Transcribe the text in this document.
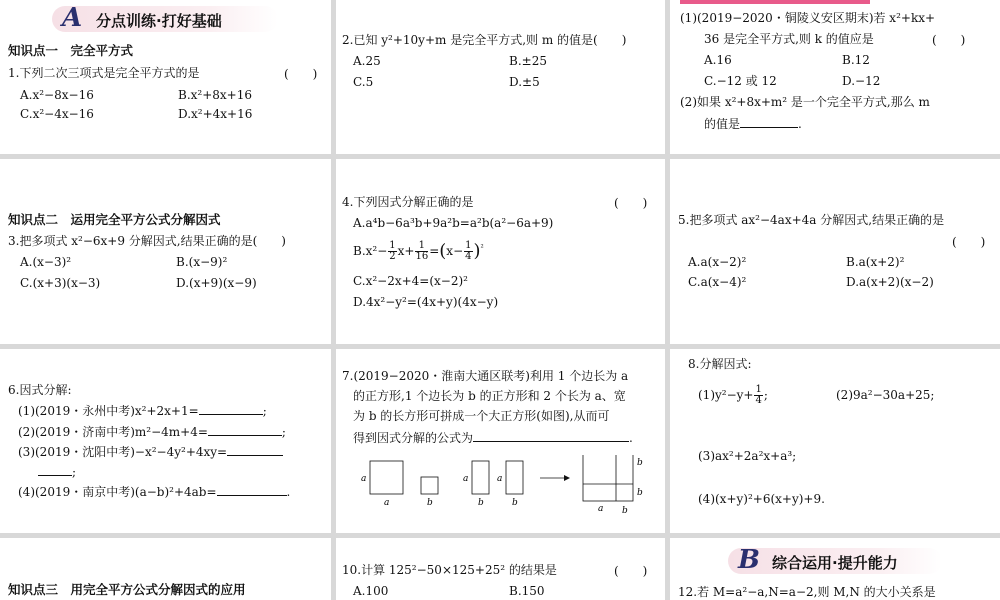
A 分点训练·打好基础
知识点一　完全平方式
1.下列二次三项式是完全平方式的是	(　　)
A.x²−8x−16	B.x²+8x+16
C.x²−4x−16	D.x²+4x+16
2.已知 y²+10y+m 是完全平方式,则 m 的值是(　　)
A.25	B.±25
C.5	D.±5
(1)(2019−2020・铜陵义安区期末)若 x²+kx+
36 是完全平方式,则 k 的值应是	(　　)
A.16	B.12
C.−12 或 12	D.−12
(2)如果 x²+8x+m² 是一个完全平方式,那么 m
的值是	.
知识点二　运用完全平方公式分解因式
3.把多项式 x²−6x+9 分解因式,结果正确的是(　　)
A.(x−3)²	B.(x−9)²
C.(x+3)(x−3)	D.(x+9)(x−9)
4.下列因式分解正确的是	(　　)
A.a⁴b−6a³b+9a²b=a²b(a²−6a+9)
$B.x^2- \frac{1}{2} x+ \frac{1}{16} =(x- \frac{1}{4} )^{^2}$
C.x²−2x+4=(x−2)²
D.4x²−y²=(4x+y)(4x−y)
5.把多项式 ax²−4ax+4a 分解因式,结果正确的是
(　　)
A.a(x−2)²	B.a(x+2)²
C.a(x−4)²	D.a(x+2)(x−2)
6.因式分解:
(1)(2019・永州中考)x²+2x+1=	;
(2)(2019・济南中考)m²−4m+4=	;
(3)(2019・沈阳中考)−x²−4y²+4xy=
;
(4)(2019・南京中考)(a−b)²+4ab=	.
7.(2019−2020・淮南大通区联考)利用 1 个边长为 a
的正方形,1 个边长为 b 的正方形和 2 个长为 a、宽
为 b 的长方形可拼成一个大正方形(如图),从而可
得到因式分解的公式为	.
a
a	b
a
b
a
b
b
b
a b
8.分解因式:
$(1)y^2-y+ \frac{1}{4}$ ;	(2)9a²−30a+25;
(3)ax²+2a²x+a³;
(4)(x+y)²+6(x+y)+9.
知识点三　用完全平方公式分解因式的应用
10.计算 125²−50×125+25² 的结果是	(　　)
A.100	B.150
B 综合运用·提升能力
12.若 M=a²−a,N=a−2,则 M,N 的大小关系是
